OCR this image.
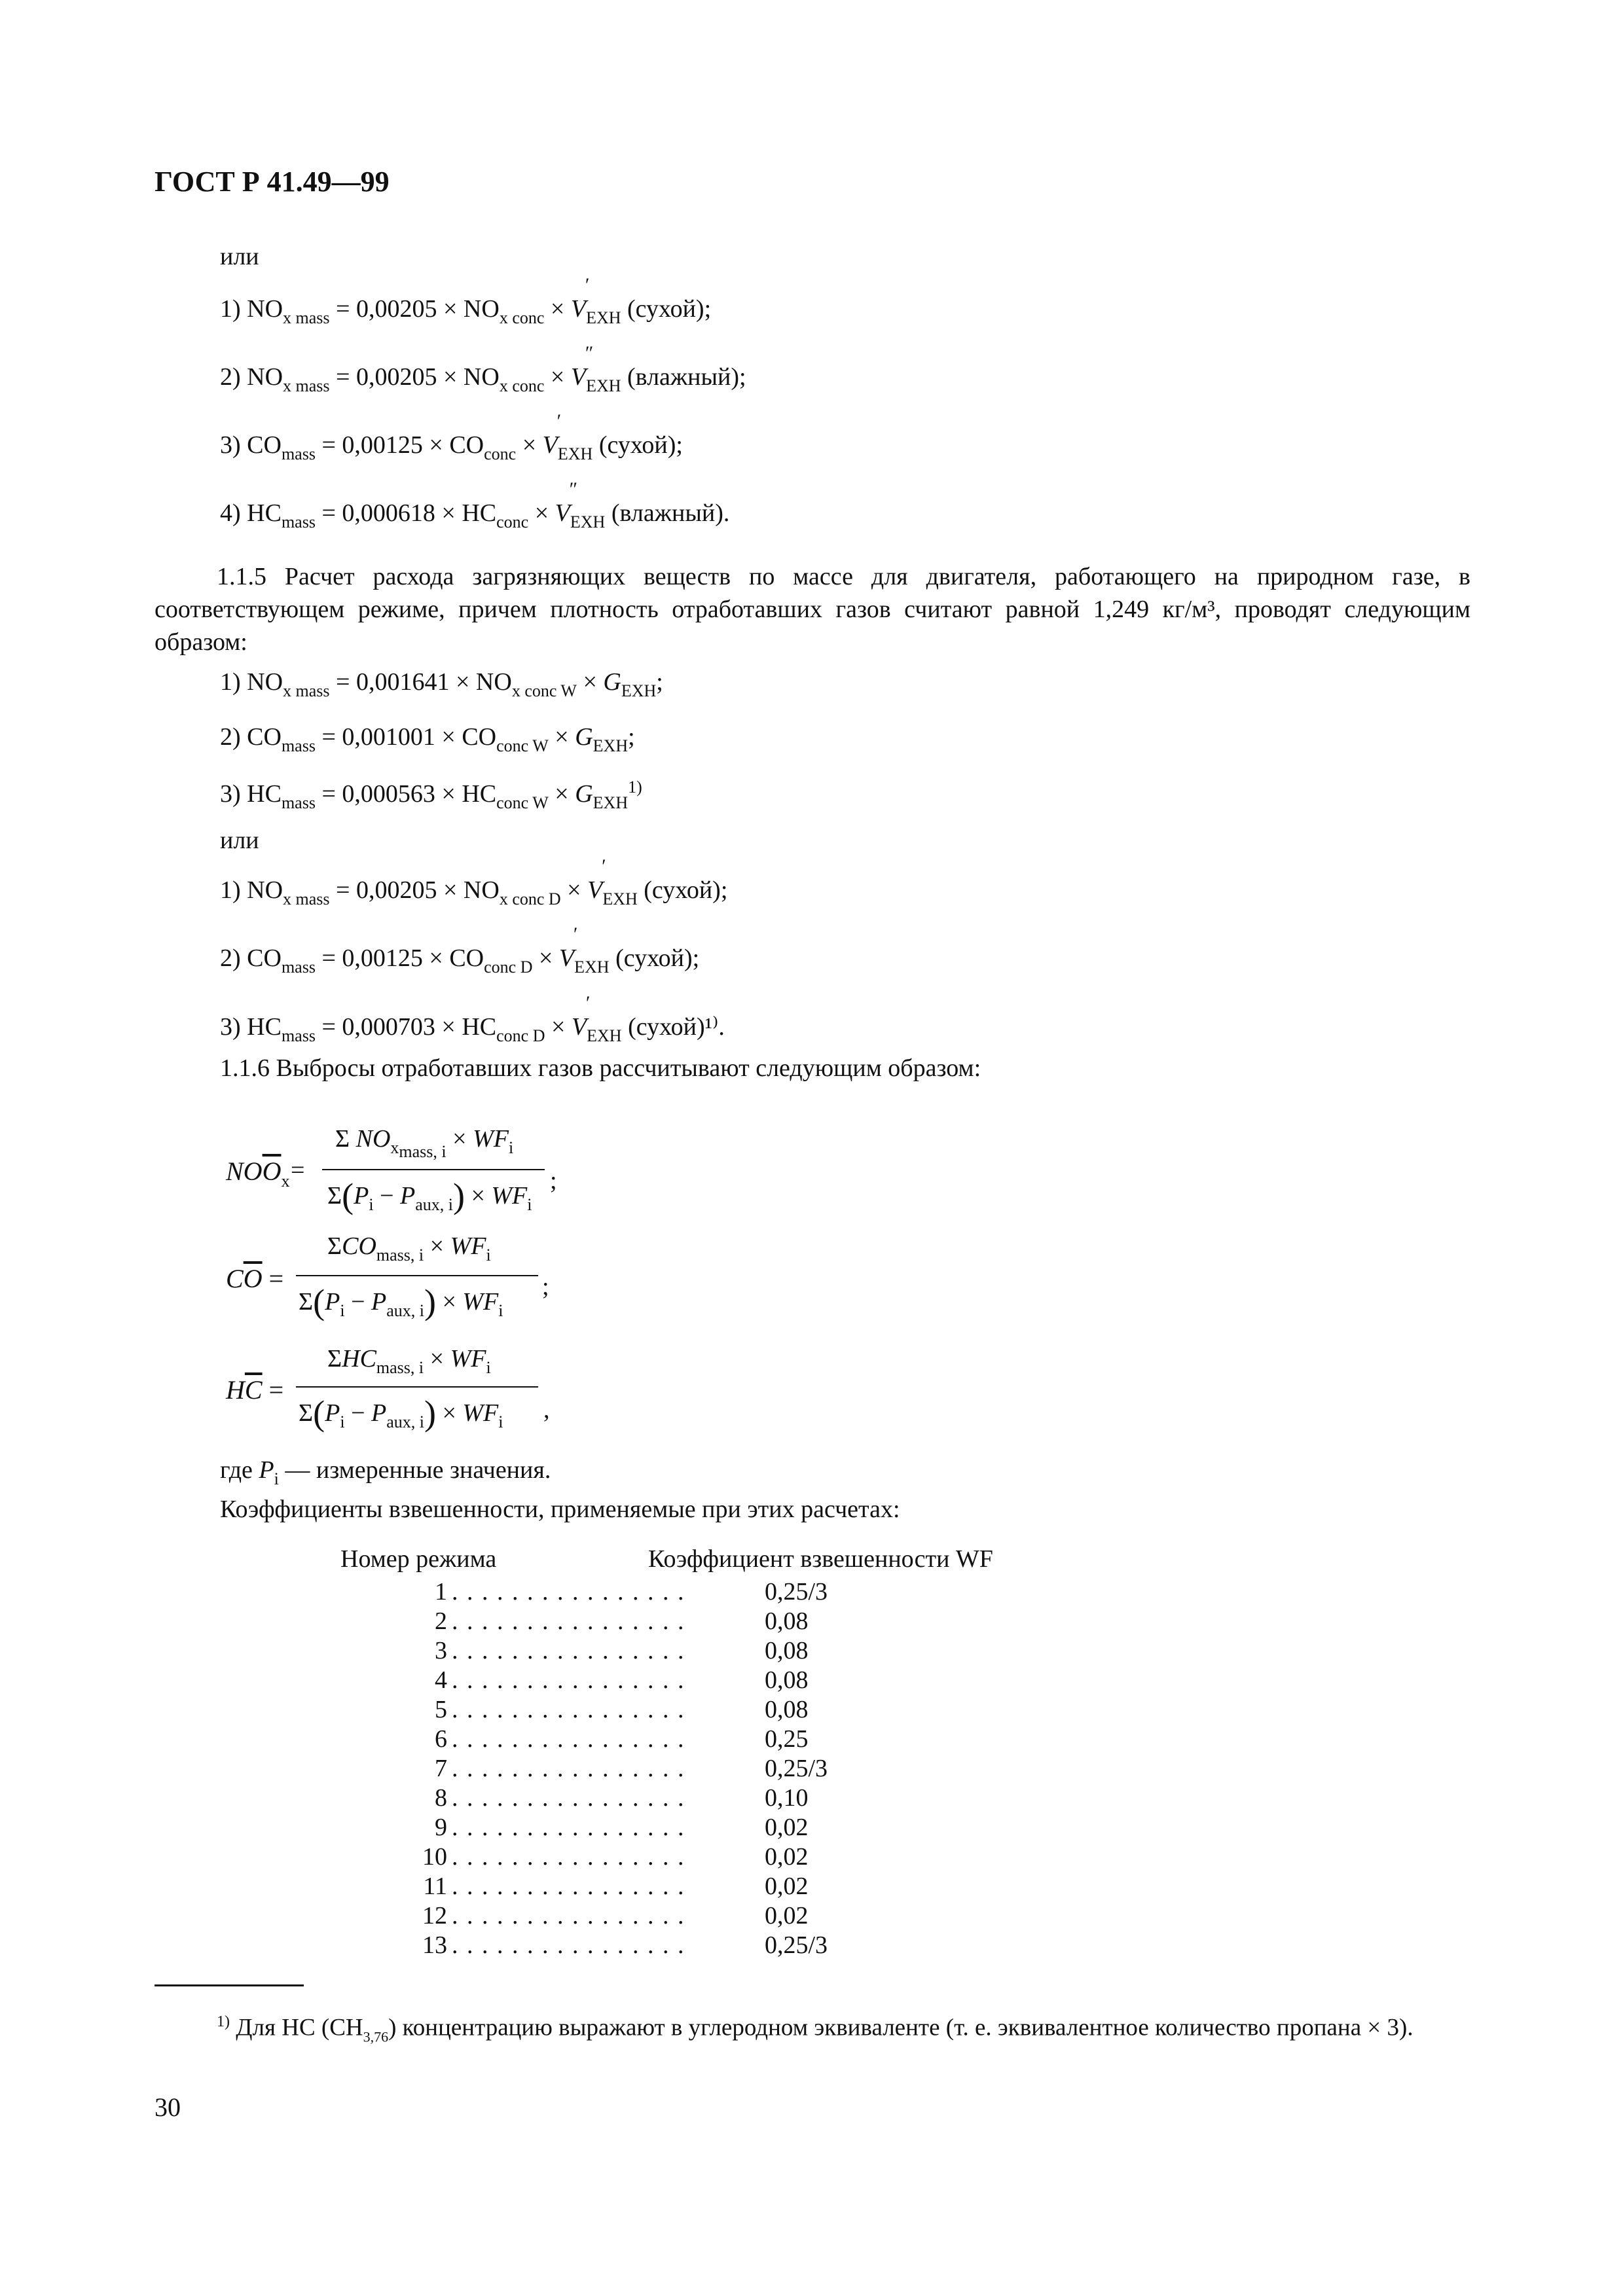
ГОСТ Р 41.49—99
или
1) $NO_{x mass} = 0,00205 \times NO_{x conc} \times V$
′
$_{EXH}$ (сухой);
2) $NO_{x mass} = 0,00205 \times NO_{x conc} \times V$
″
$_{EXH}$ (влажный);
3) $CO_{mass} = 0,00125 \times CO_{conc} \times V$
′
$_{EXH}$ (сухой);
4) $HC_{mass} = 0,000618 \times HC_{conc} \times V$
″
$_{EXH}$ (влажный).
1.1.5 Расчет расхода загрязняющих веществ по массе для двигателя, работающего на природном газе, в соответствующем режиме, причем плотность отработавших газов считают равной 1,249 кг/м³, проводят следующим образом:
1) $NO_{x mass} = 0,001641 \times NO_{x conc W} \times G_{EXH}$;
2) $CO_{mass} = 0,001001 \times CO_{conc W} \times G_{EXH}$;
3) $HC_{mass} = 0,000563 \times HC_{conc W} \times G_{EXH}^{1)}$
или
1) $NO_{x mass} = 0,00205 \times NO_{x conc D} \times V$
′
$_{EXH}$ (сухой);
2) $CO_{mass} = 0,00125 \times CO_{conc D} \times V$
′
$_{EXH}$ (сухой);
3) $HC_{mass} = 0,000703 \times HC_{conc D} \times V$
′
$_{EXH}$ (сухой)¹⁾.
1.1.6 Выбросы отработавших газов рассчитывают следующим образом:
$NO\overline{O}_x$ =
Σ $NO_{xmass, i} \times WF_i$
$\Sigma(P_i - P_{aux, i}) \times WF_i$
;
$C\overline{O}$ =
$\Sigma CO_{mass, i} \times WF_i$
$\Sigma(P_i - P_{aux, i}) \times WF_i$
;
$H\overline{C}$ =
$\Sigma HC_{mass, i} \times WF_i$
$\Sigma(P_i - P_{aux, i}) \times WF_i$ ,
где $P_i$ — измеренные значения.
Коэффициенты взвешенности, применяемые при этих расчетах:
Номер режима	Коэффициент взвешенности WF
1 . . . . . . . . . . . . . . . .	0,25/3
2 . . . . . . . . . . . . . . . .	0,08
3 . . . . . . . . . . . . . . . .	0,08
4 . . . . . . . . . . . . . . . .	0,08
5 . . . . . . . . . . . . . . . .	0,08
6 . . . . . . . . . . . . . . . .	0,25
7 . . . . . . . . . . . . . . . .	0,25/3
8 . . . . . . . . . . . . . . . .	0,10
9 . . . . . . . . . . . . . . . .	0,02
10 . . . . . . . . . . . . . . . .	0,02
11 . . . . . . . . . . . . . . . .	0,02
12 . . . . . . . . . . . . . . . .	0,02
13 . . . . . . . . . . . . . . . .	0,25/3
$^{1)}$ Для НС $(СН_{3,76})$ концентрацию выражают в углеродном эквиваленте (т. е. эквивалентное количество пропана × 3).
30
